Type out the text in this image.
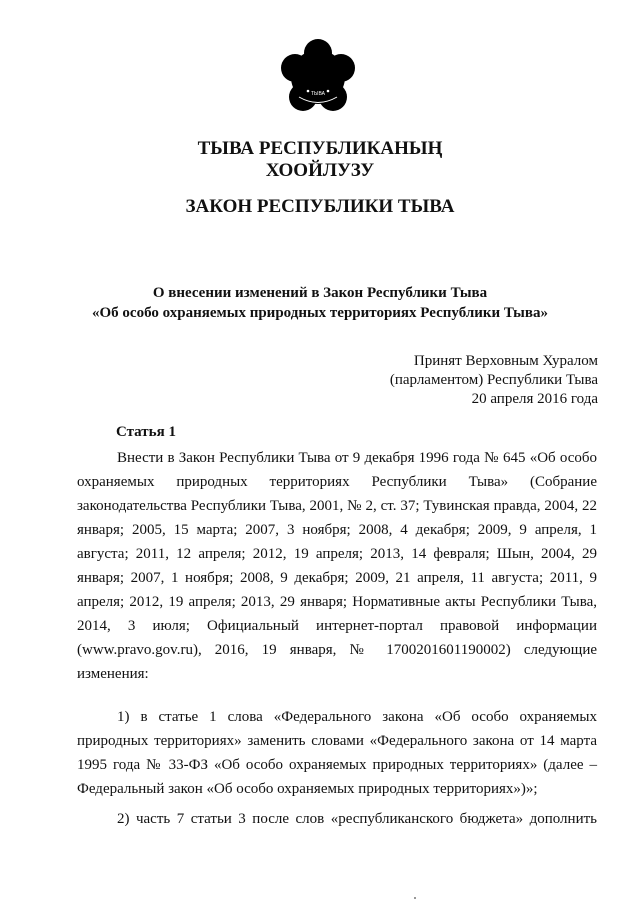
ТЫВА
ТЫВА РЕСПУБЛИКАНЫҢ
ХООЙЛУЗУ
ЗАКОН РЕСПУБЛИКИ ТЫВА
О внесении изменений в Закон Республики Тыва
«Об особо охраняемых природных территориях Республики Тыва»
Принят Верховным Хуралом
(парламентом) Республики Тыва
20 апреля 2016 года
Статья 1

Внести в Закон Республики Тыва от 9 декабря 1996 года № 645 «Об особо охраняемых природных территориях Республики Тыва» (Собрание законодательства Республики Тыва, 2001, № 2, ст. 37; Тувинская правда, 2004, 22 января; 2005, 15 марта; 2007, 3 ноября; 2008, 4 декабря; 2009, 9 апреля, 1 августа; 2011, 12 апреля; 2012, 19 апреля; 2013, 14 февраля; Шын, 2004, 29 января; 2007, 1 ноября; 2008, 9 декабря; 2009, 21 апреля, 11 августа; 2011, 9 апреля; 2012, 19 апреля; 2013, 29 января; Нормативные акты Республики Тыва, 2014, 3 июля; Официальный интернет-портал правовой информации (www.pravo.gov.ru), 2016, 19 января, № 1700201601190002) следующие изменения:

1) в статье 1 слова «Федерального закона «Об особо охраняемых природных территориях» заменить словами «Федерального закона от 14 марта 1995 года № 33-ФЗ «Об особо охраняемых природных территориях» (далее – Федеральный закон «Об особо охраняемых природных территориях»)»;

2) часть 7 статьи 3 после слов «республиканского бюджета» дополнить
